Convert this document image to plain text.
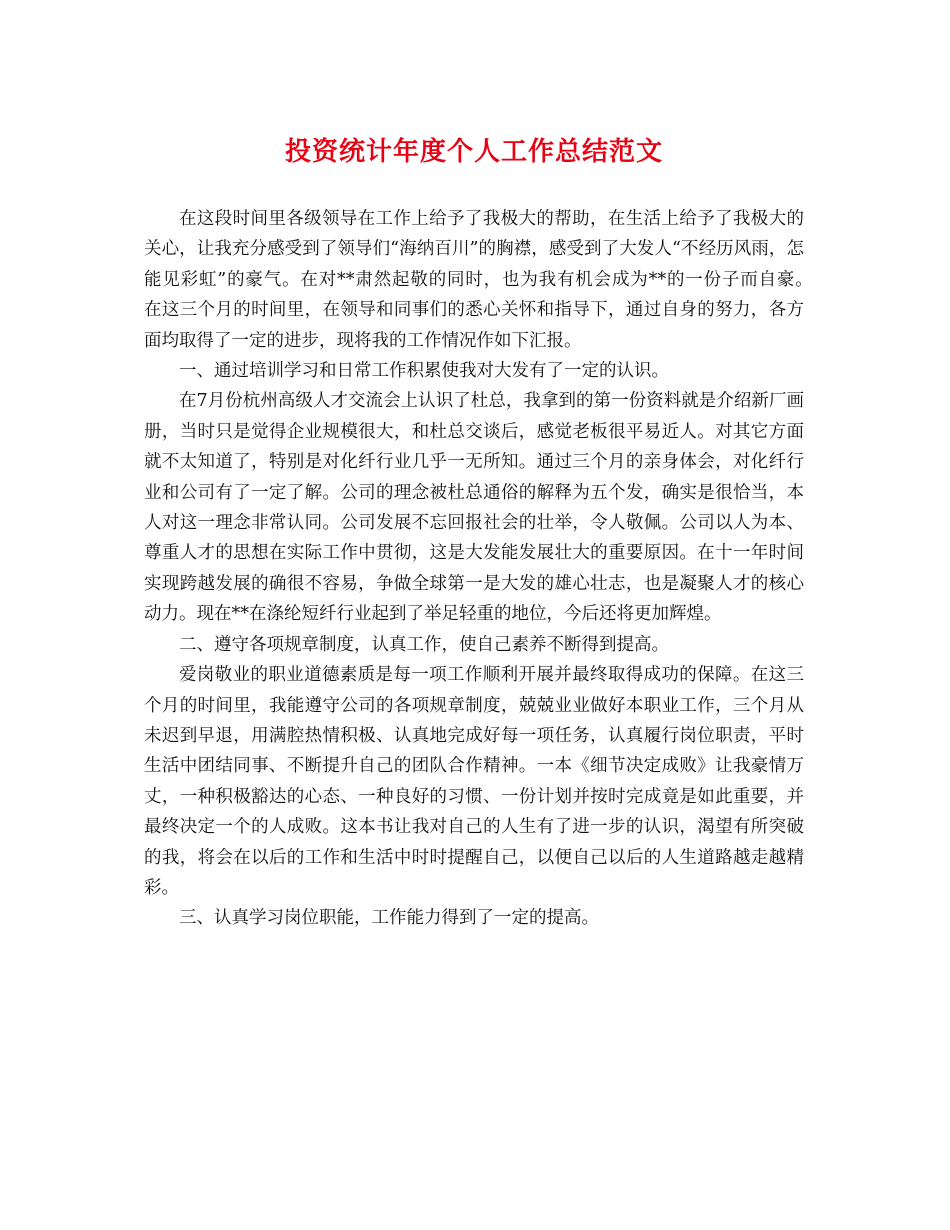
投资统计年度个人工作总结范文

在这段时间里各级领导在工作上给予了我极大的帮助，在生活上给予了我极大的关心，让我充分感受到了领导们“海纳百川”的胸襟，感受到了大发人“不经历风雨，怎能见彩虹”的豪气。在对**肃然起敬的同时，也为我有机会成为**的一份子而自豪。　在这三个月的时间里，在领导和同事们的悉心关怀和指导下，通过自身的努力，各方面均取得了一定的进步，现将我的工作情况作如下汇报。

一、通过培训学习和日常工作积累使我对大发有了一定的认识。

在7月份杭州高级人才交流会上认识了杜总，我拿到的第一份资料就是介绍新厂画册，当时只是觉得企业规模很大，和杜总交谈后，感觉老板很平易近人。对其它方面就不太知道了，特别是对化纤行业几乎一无所知。通过三个月的亲身体会，对化纤行业和公司有了一定了解。公司的理念被杜总通俗的解释为五个发，确实是很恰当，本人对这一理念非常认同。公司发展不忘回报社会的壮举，令人敬佩。公司以人为本、尊重人才的思想在实际工作中贯彻，这是大发能发展壮大的重要原因。在十一年时间实现跨越发展的确很不容易，争做全球第一是大发的雄心壮志，也是凝聚人才的核心动力。现在**在涤纶短纤行业起到了举足轻重的地位，今后还将更加辉煌。

二、遵守各项规章制度，认真工作，使自己素养不断得到提高。

爱岗敬业的职业道德素质是每一项工作顺利开展并最终取得成功的保障。在这三个月的时间里，我能遵守公司的各项规章制度，兢兢业业做好本职业工作，三个月从未迟到早退，用满腔热情积极、认真地完成好每一项任务，认真履行岗位职责，平时生活中团结同事、不断提升自己的团队合作精神。一本《细节决定成败》让我豪情万丈，一种积极豁达的心态、一种良好的习惯、一份计划并按时完成竟是如此重要，并最终决定一个的人成败。这本书让我对自己的人生有了进一步的认识，渴望有所突破的我，将会在以后的工作和生活中时时提醒自己，以便自己以后的人生道路越走越精彩。

三、认真学习岗位职能，工作能力得到了一定的提高。
